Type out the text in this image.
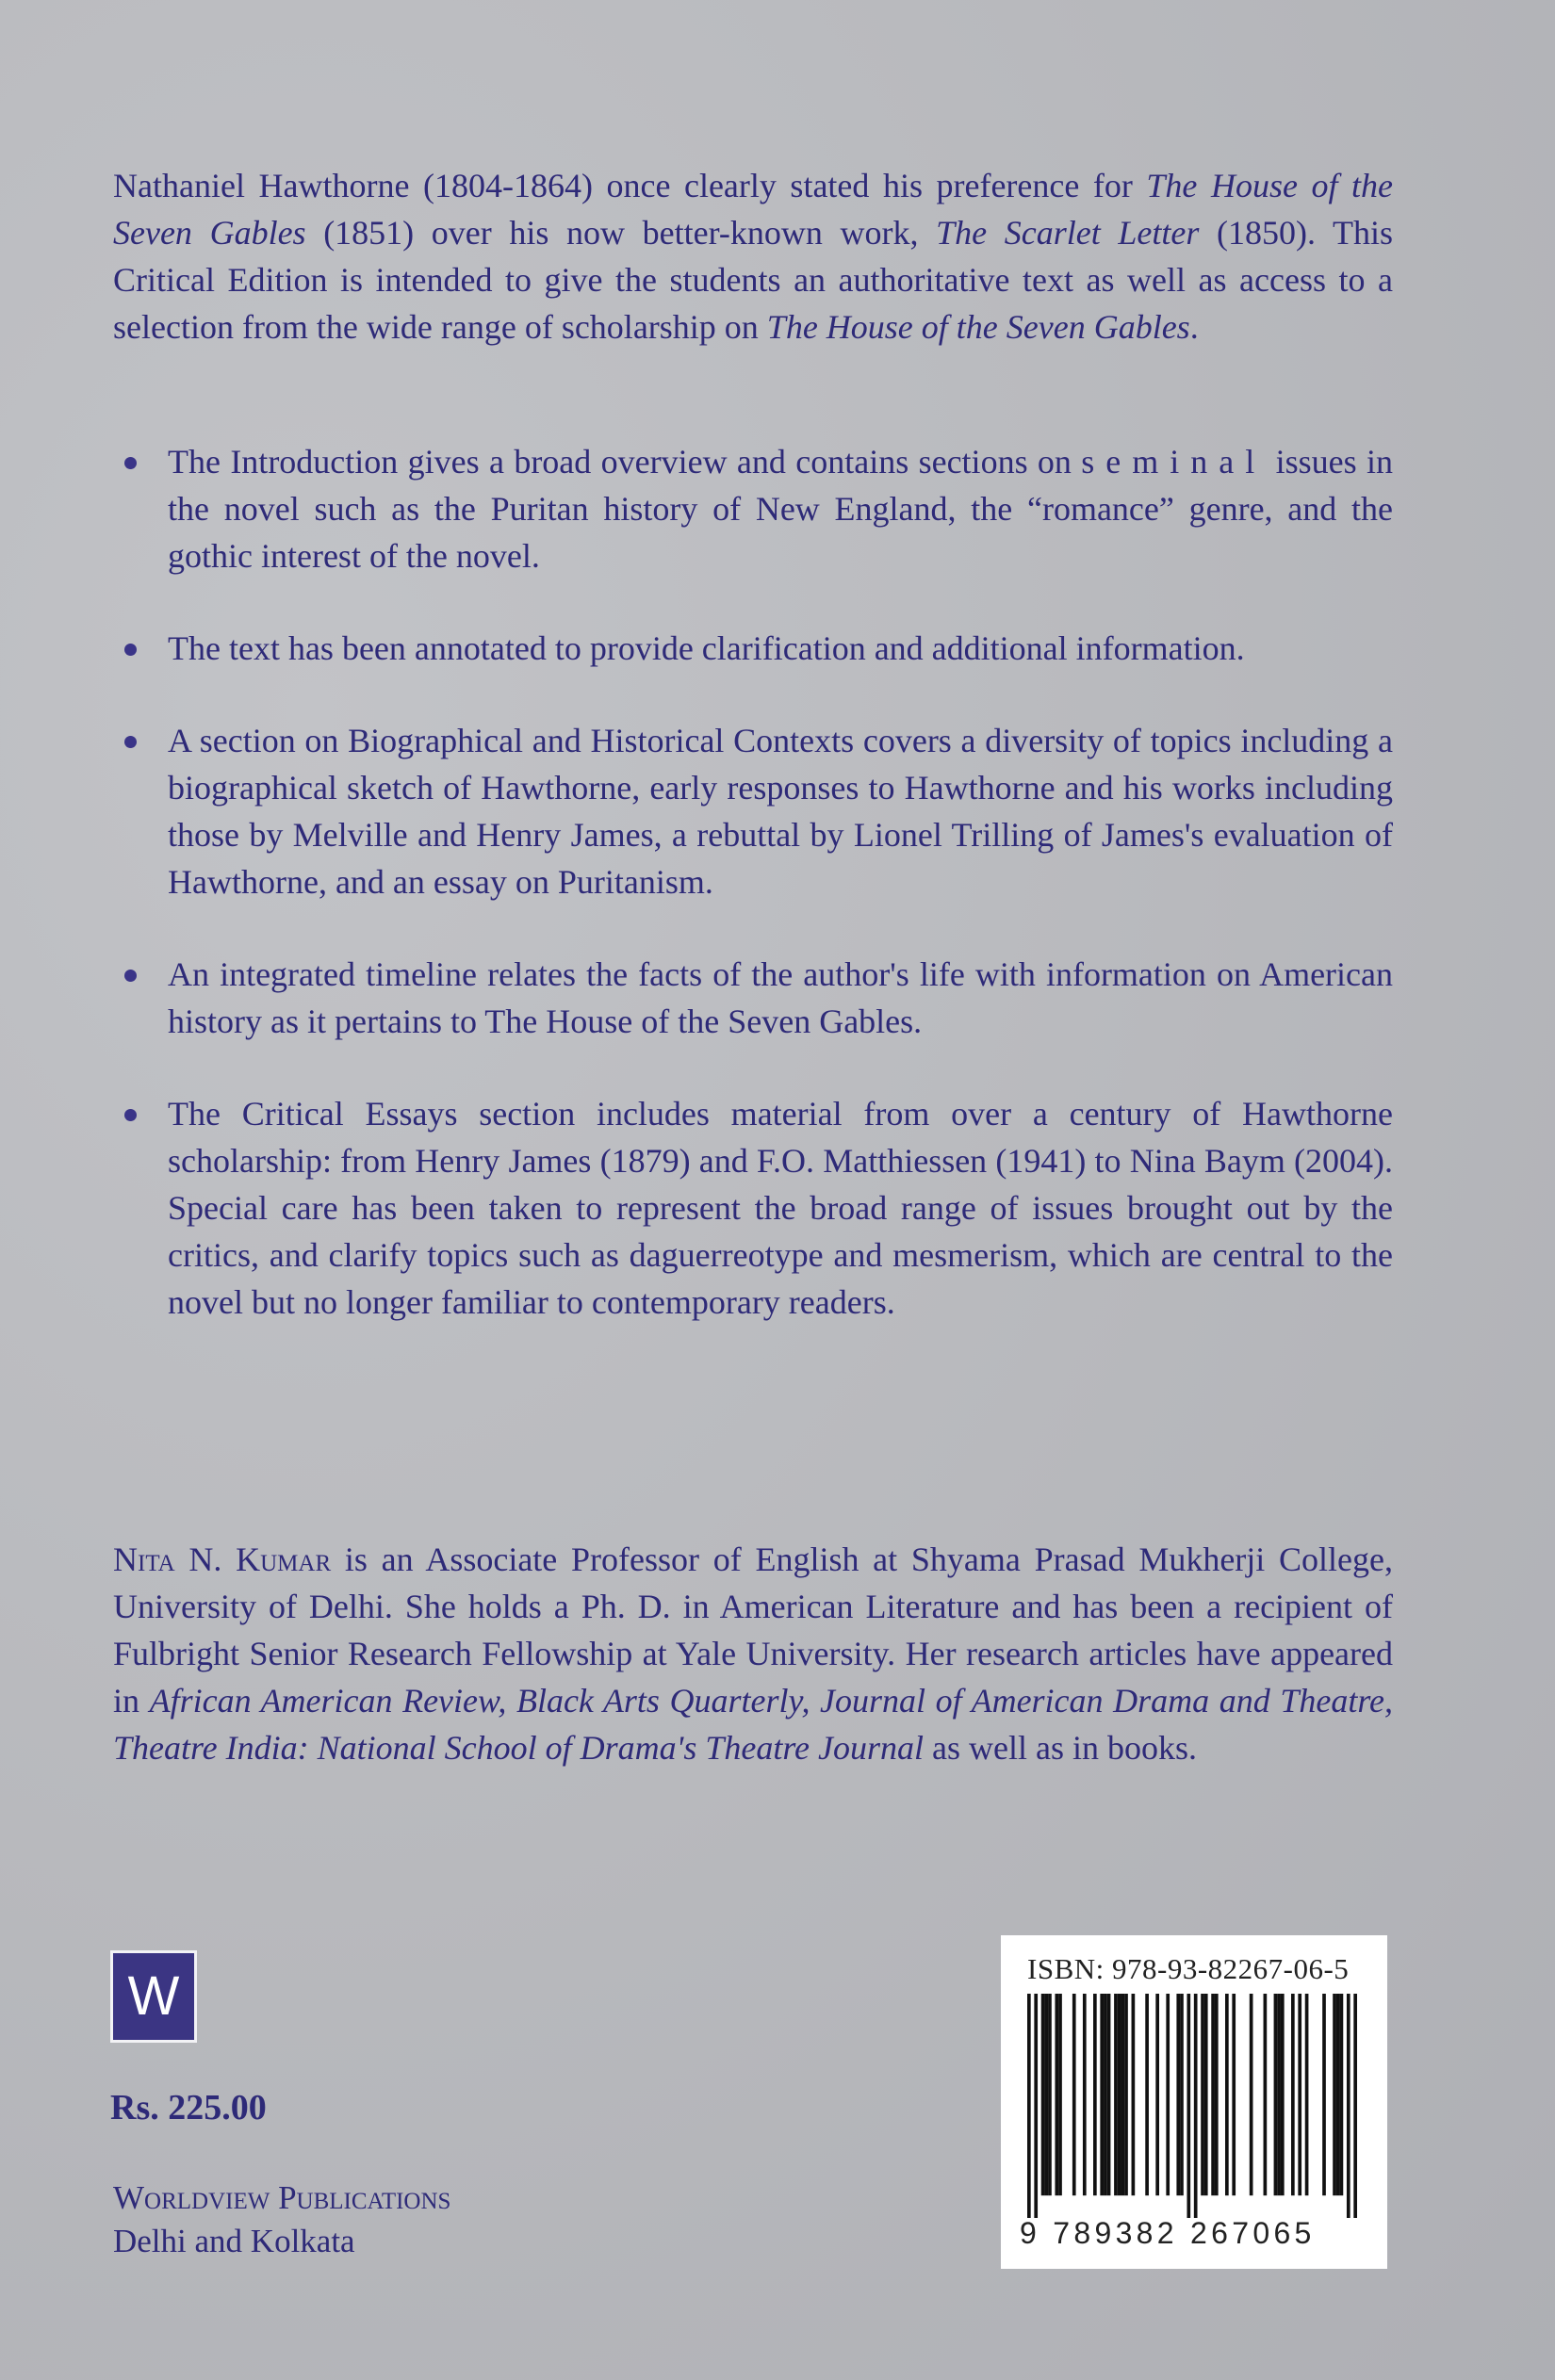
Nathaniel Hawthorne (1804-1864) once clearly stated his preference for The House of the Seven Gables (1851) over his now better-known work, The Scarlet Letter (1850). This Critical Edition is intended to give the students an authoritative text as well as access to a selection from the wide range of scholarship on The House of the Seven Gables.

The Introduction gives a broad overview and contains sections on seminal issues in the novel such as the Puritan history of New England, the “romance” genre, and the gothic interest of the novel.
The text has been annotated to provide clarification and additional information.
A section on Biographical and Historical Contexts covers a diversity of topics including a biographical sketch of Hawthorne, early responses to Hawthorne and his works including those by Melville and Henry James, a rebuttal by Lionel Trilling of James's evaluation of Hawthorne, and an essay on Puritanism.
An integrated timeline relates the facts of the author's life with information on American history as it pertains to The House of the Seven Gables.
The Critical Essays section includes material from over a century of Hawthorne scholarship: from Henry James (1879) and F.O. Matthiessen (1941) to Nina Baym (2004). Special care has been taken to represent the broad range of issues brought out by the critics, and clarify topics such as daguerreotype and mesmerism, which are central to the novel but no longer familiar to contemporary readers.

Nita N. Kumar is an Associate Professor of English at Shyama Prasad Mukherji College, University of Delhi. She holds a Ph. D. in American Literature and has been a recipient of Fulbright Senior Research Fellowship at Yale University. Her research articles have appeared in African American Review, Black Arts Quarterly, Journal of American Drama and Theatre, Theatre India: National School of Drama's Theatre Journal as well as in books.

W
Rs. 225.00
Worldview Publications
Delhi and Kolkata
ISBN: 978-93-82267-06-5
9 789382 267065
